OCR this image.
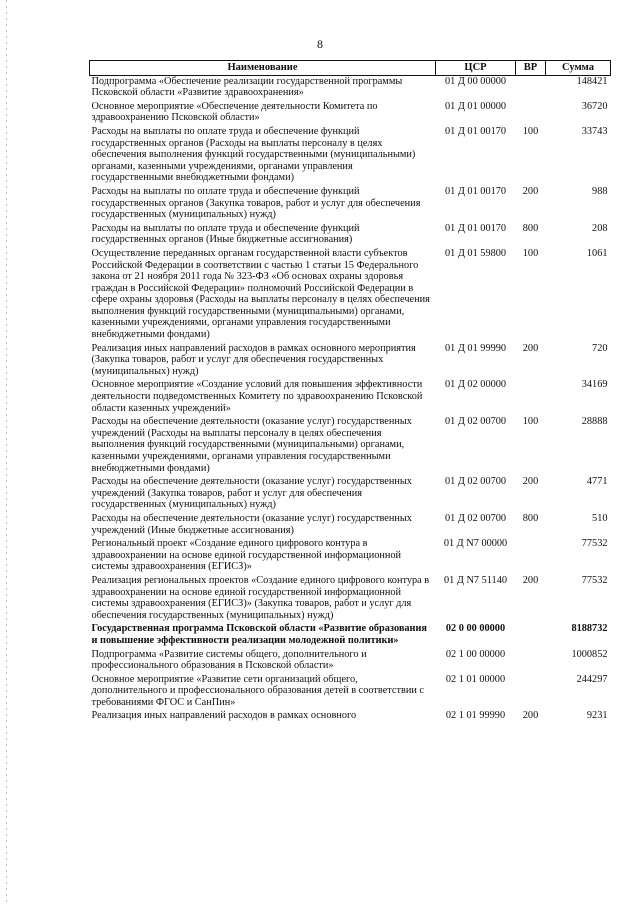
8
Наименование	ЦСР	ВР	Сумма
Подпрограмма «Обеспечение реализации государственной программы Псковской области «Развитие здравоохранения»	01 Д 00 00000		148421
Основное мероприятие «Обеспечение деятельности Комитета по здравоохранению Псковской области»	01 Д 01 00000		36720
Расходы на выплаты по оплате труда и обеспечение функций государственных органов (Расходы на выплаты персоналу в целях обеспечения выполнения функций государственными (муниципальными) органами, казенными учреждениями, органами управления государственными внебюджетными фондами)	01 Д 01 00170	100	33743
Расходы на выплаты по оплате труда и обеспечение функций государственных органов (Закупка товаров, работ и услуг для обеспечения государственных (муниципальных) нужд)	01 Д 01 00170	200	988
Расходы на выплаты по оплате труда и обеспечение функций государственных органов (Иные бюджетные ассигнования)	01 Д 01 00170	800	208
Осуществление переданных органам государственной власти субъектов Российской Федерации в соответствии с частью 1 статьи 15 Федерального закона от 21 ноября 2011 года № 323-ФЗ «Об основах охраны здоровья граждан в Российской Федерации» полномочий Российской Федерации в сфере охраны здоровья (Расходы на выплаты персоналу в целях обеспечения выполнения функций государственными (муниципальными) органами, казенными учреждениями, органами управления государственными внебюджетными фондами)	01 Д 01 59800	100	1061
Реализация иных направлений расходов в рамках основного мероприятия (Закупка товаров, работ и услуг для обеспечения государственных (муниципальных) нужд)	01 Д 01 99990	200	720
Основное мероприятие «Создание условий для повышения эффективности деятельности подведомственных Комитету по здравоохранению Псковской области казенных учреждений»	01 Д 02 00000		34169
Расходы на обеспечение деятельности (оказание услуг) государственных учреждений (Расходы на выплаты персоналу в целях обеспечения выполнения функций государственными (муниципальными) органами, казенными учреждениями, органами управления государственными внебюджетными фондами)	01 Д 02 00700	100	28888
Расходы на обеспечение деятельности (оказание услуг) государственных учреждений (Закупка товаров, работ и услуг для обеспечения государственных (муниципальных) нужд)	01 Д 02 00700	200	4771
Расходы на обеспечение деятельности (оказание услуг) государственных учреждений (Иные бюджетные ассигнования)	01 Д 02 00700	800	510
Региональный проект «Создание единого цифрового контура в здравоохранении на основе единой государственной информационной системы здравоохранения (ЕГИСЗ)»	01 Д N7 00000		77532
Реализация региональных проектов «Создание единого цифрового контура в здравоохранении на основе единой государственной информационной системы здравоохранения (ЕГИСЗ)» (Закупка товаров, работ и услуг для обеспечения государственных (муниципальных) нужд)	01 Д N7 51140	200	77532
Государственная программа Псковской области «Развитие образования и повышение эффективности реализации молодежной политики»	02 0 00 00000		8188732
Подпрограмма «Развитие системы общего, дополнительного и профессионального образования в Псковской области»	02 1 00 00000		1000852
Основное мероприятие «Развитие сети организаций общего, дополнительного и профессионального образования детей в соответствии с требованиями ФГОС и СанПин»	02 1 01 00000		244297
Реализация иных направлений расходов в рамках основного	02 1 01 99990	200	9231
